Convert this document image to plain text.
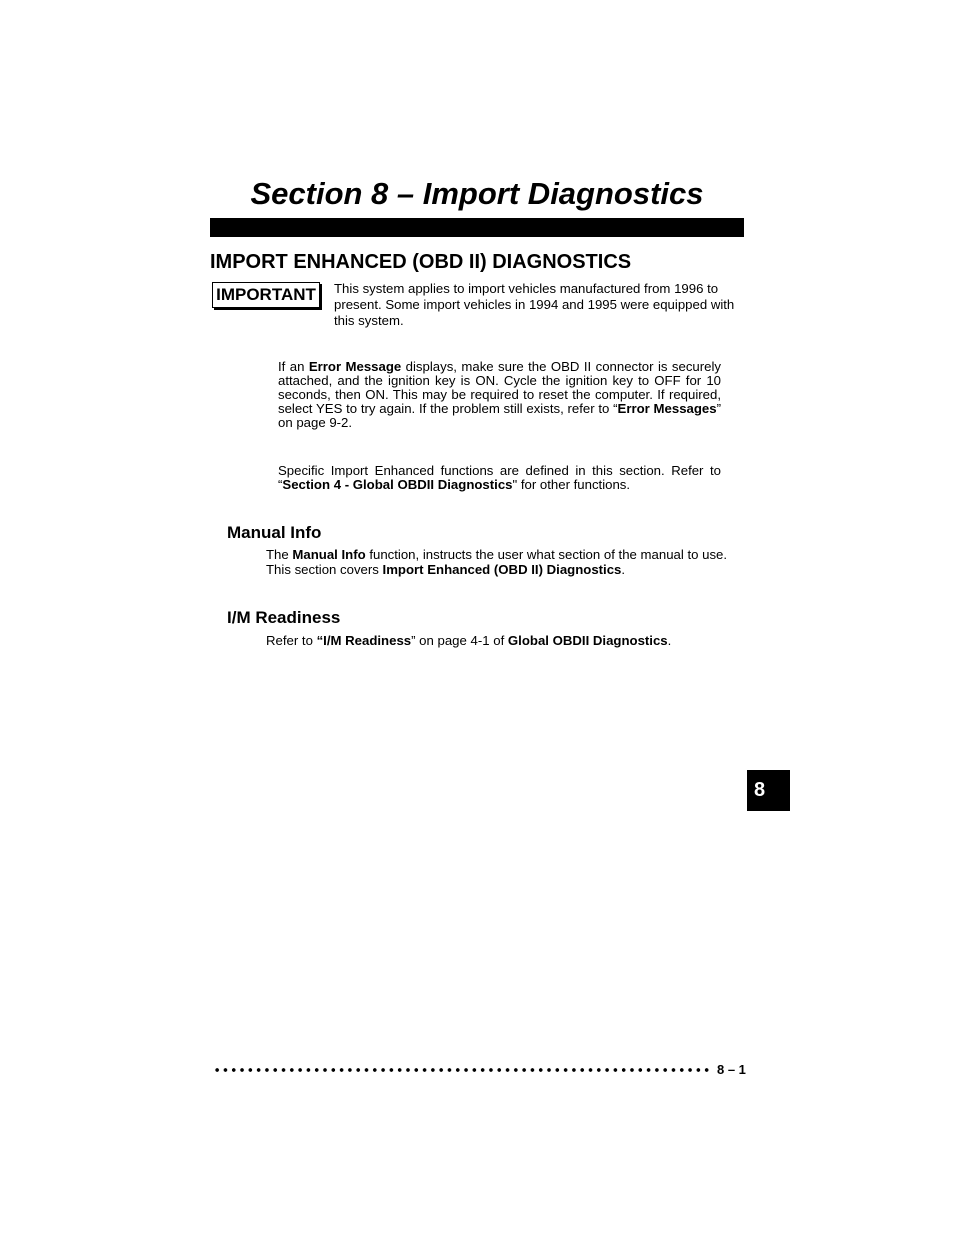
Section 8 – Import Diagnostics
IMPORT ENHANCED (OBD II) DIAGNOSTICS
IMPORTANT	This system applies to import vehicles manufactured from 1996 to present. Some import vehicles in 1994 and 1995 were equipped with this system.

If an Error Message displays, make sure the OBD II connector is securely attached, and the ignition key is ON. Cycle the ignition key to OFF for 10 seconds, then ON. This may be required to reset the computer. If required, select YES to try again. If the problem still exists, refer to “Error Messages” on page 9-2.

Specific Import Enhanced functions are defined in this section. Refer to “Section 4 - Global OBDII Diagnostics" for other functions.

Manual Info

The Manual Info function, instructs the user what section of the manual to use. This section covers Import Enhanced (OBD II) Diagnostics.

I/M Readiness

Refer to “I/M Readiness” on page 4-1 of Global OBDII Diagnostics.

8
8 – 1
